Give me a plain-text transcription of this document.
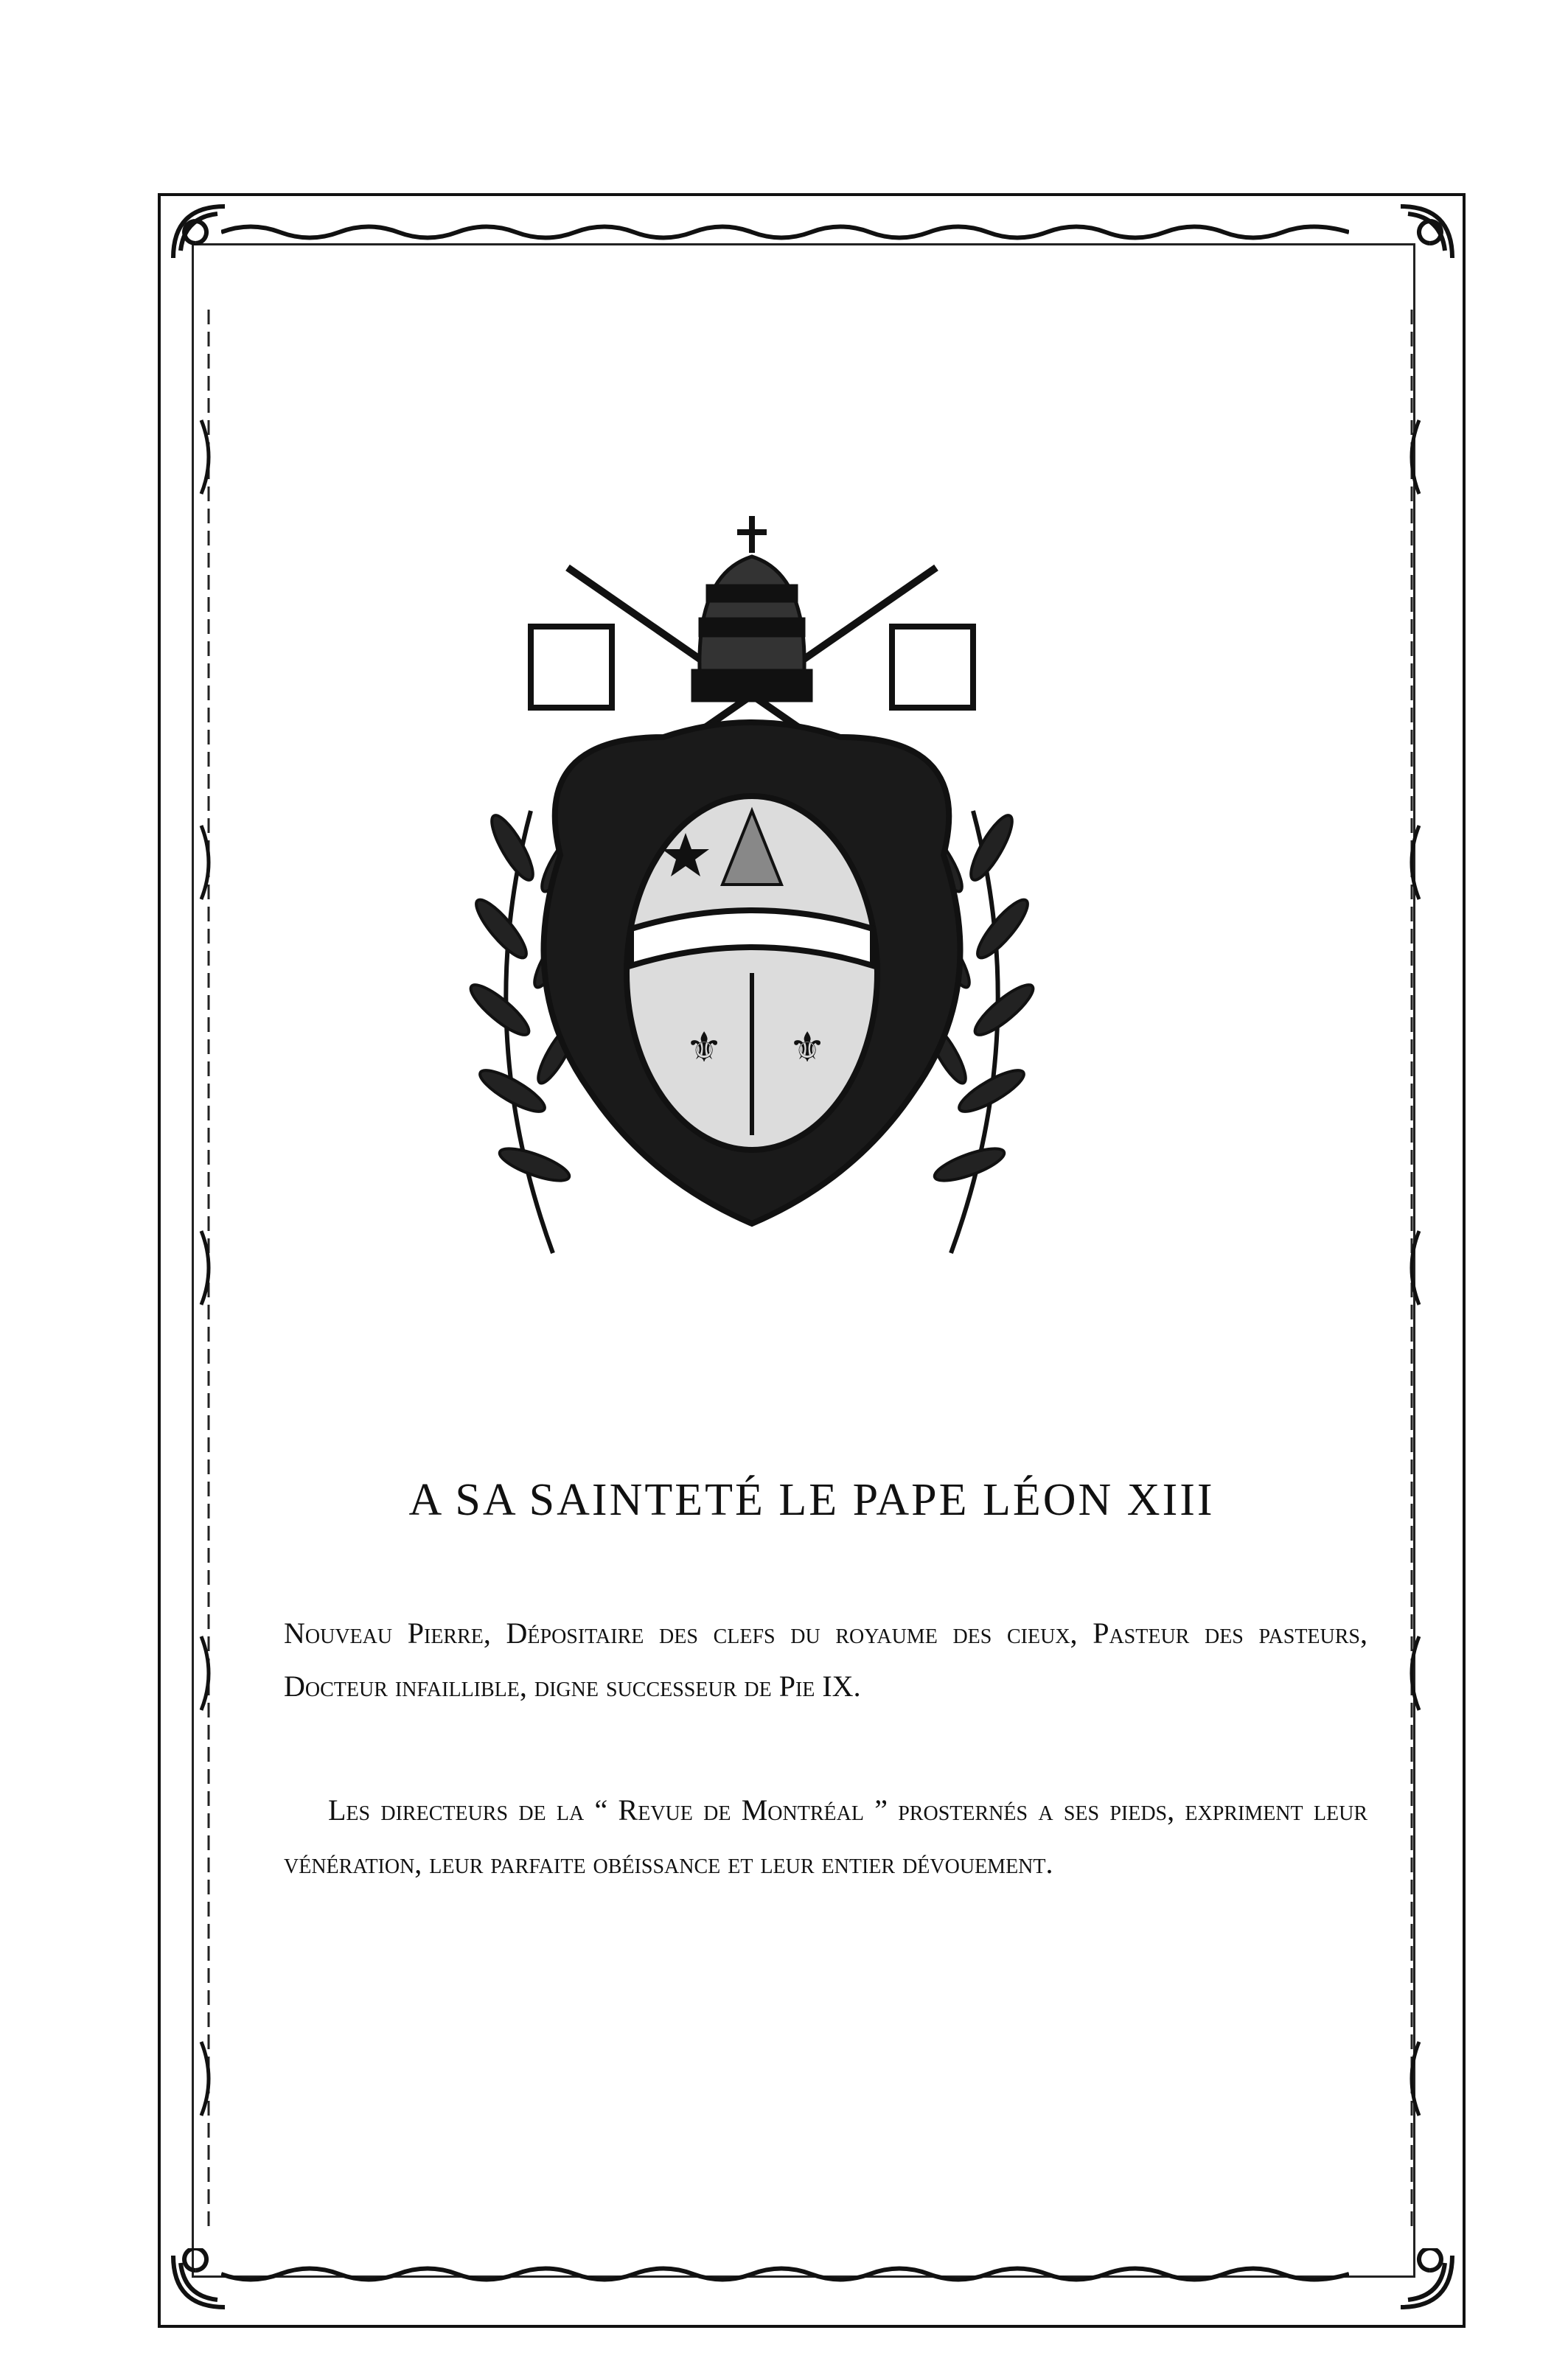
⚜ ⚜
A SA SAINTETÉ LE PAPE LÉON XIII
Nouveau Pierre, Dépositaire des clefs du royaume des cieux, Pasteur des pasteurs, Docteur infaillible, digne successeur de Pie IX.
Les directeurs de la “ Revue de Montréal ” prosternés a ses pieds, expriment leur vénération, leur parfaite obéissance et leur entier dévouement.
